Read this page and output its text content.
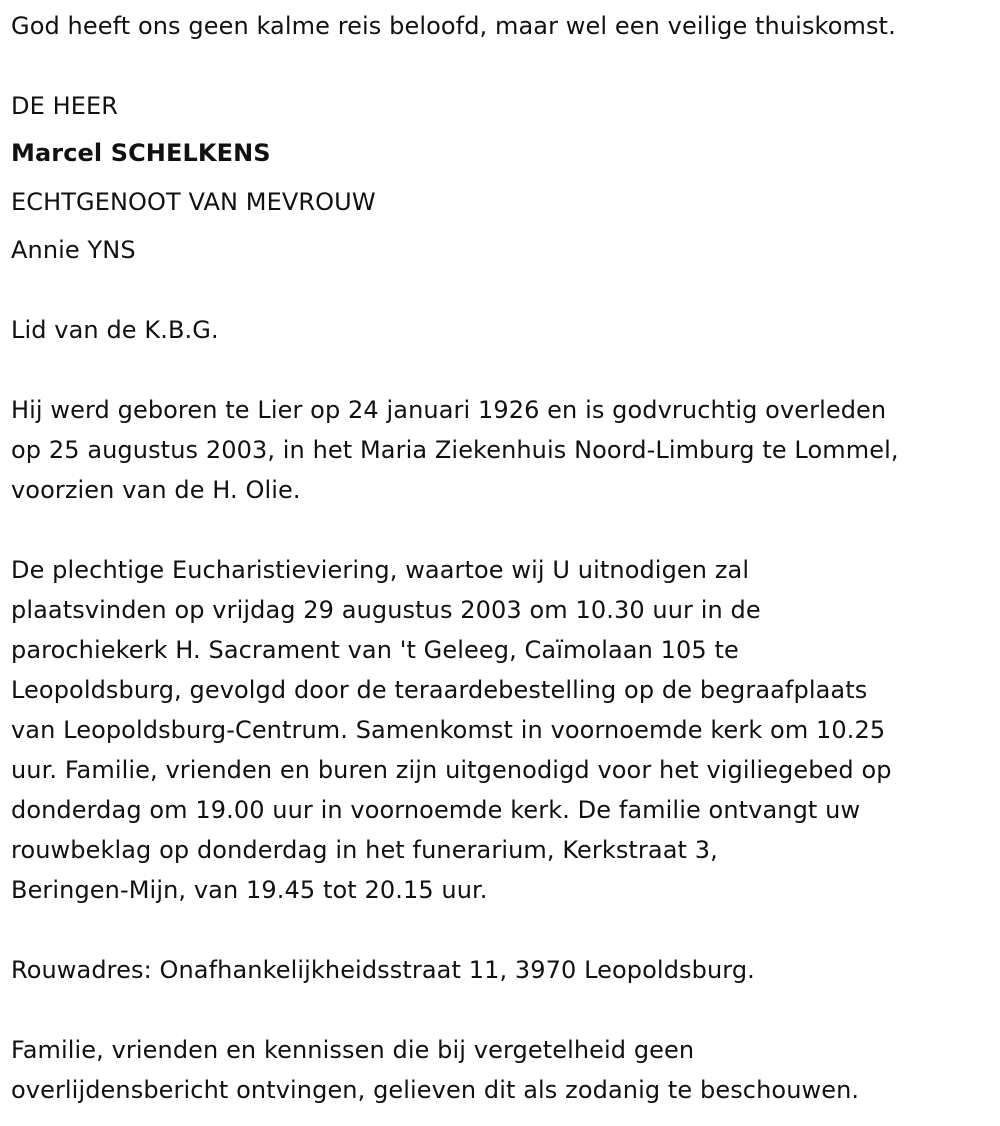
God heeft ons geen kalme reis beloofd, maar wel een veilige thuiskomst.
DE HEER
Marcel SCHELKENS
ECHTGENOOT VAN MEVROUW
Annie YNS
Lid van de K.B.G.
Hij werd geboren te Lier op 24 januari 1926 en is godvruchtig overleden
op 25 augustus 2003, in het Maria Ziekenhuis Noord-Limburg te Lommel,
voorzien van de H. Olie.
De plechtige Eucharistieviering, waartoe wij U uitnodigen zal
plaatsvinden op vrijdag 29 augustus 2003 om 10.30 uur in de
parochiekerk H. Sacrament van 't Geleeg, Caïmolaan 105 te
Leopoldsburg, gevolgd door de teraardebestelling op de begraafplaats
van Leopoldsburg-Centrum. Samenkomst in voornoemde kerk om 10.25
uur. Familie, vrienden en buren zijn uitgenodigd voor het vigiliegebed op
donderdag om 19.00 uur in voornoemde kerk. De familie ontvangt uw
rouwbeklag op donderdag in het funerarium, Kerkstraat 3,
Beringen-Mijn, van 19.45 tot 20.15 uur.
Rouwadres: Onafhankelijkheidsstraat 11, 3970 Leopoldsburg.
Familie, vrienden en kennissen die bij vergetelheid geen
overlijdensbericht ontvingen, gelieven dit als zodanig te beschouwen.
